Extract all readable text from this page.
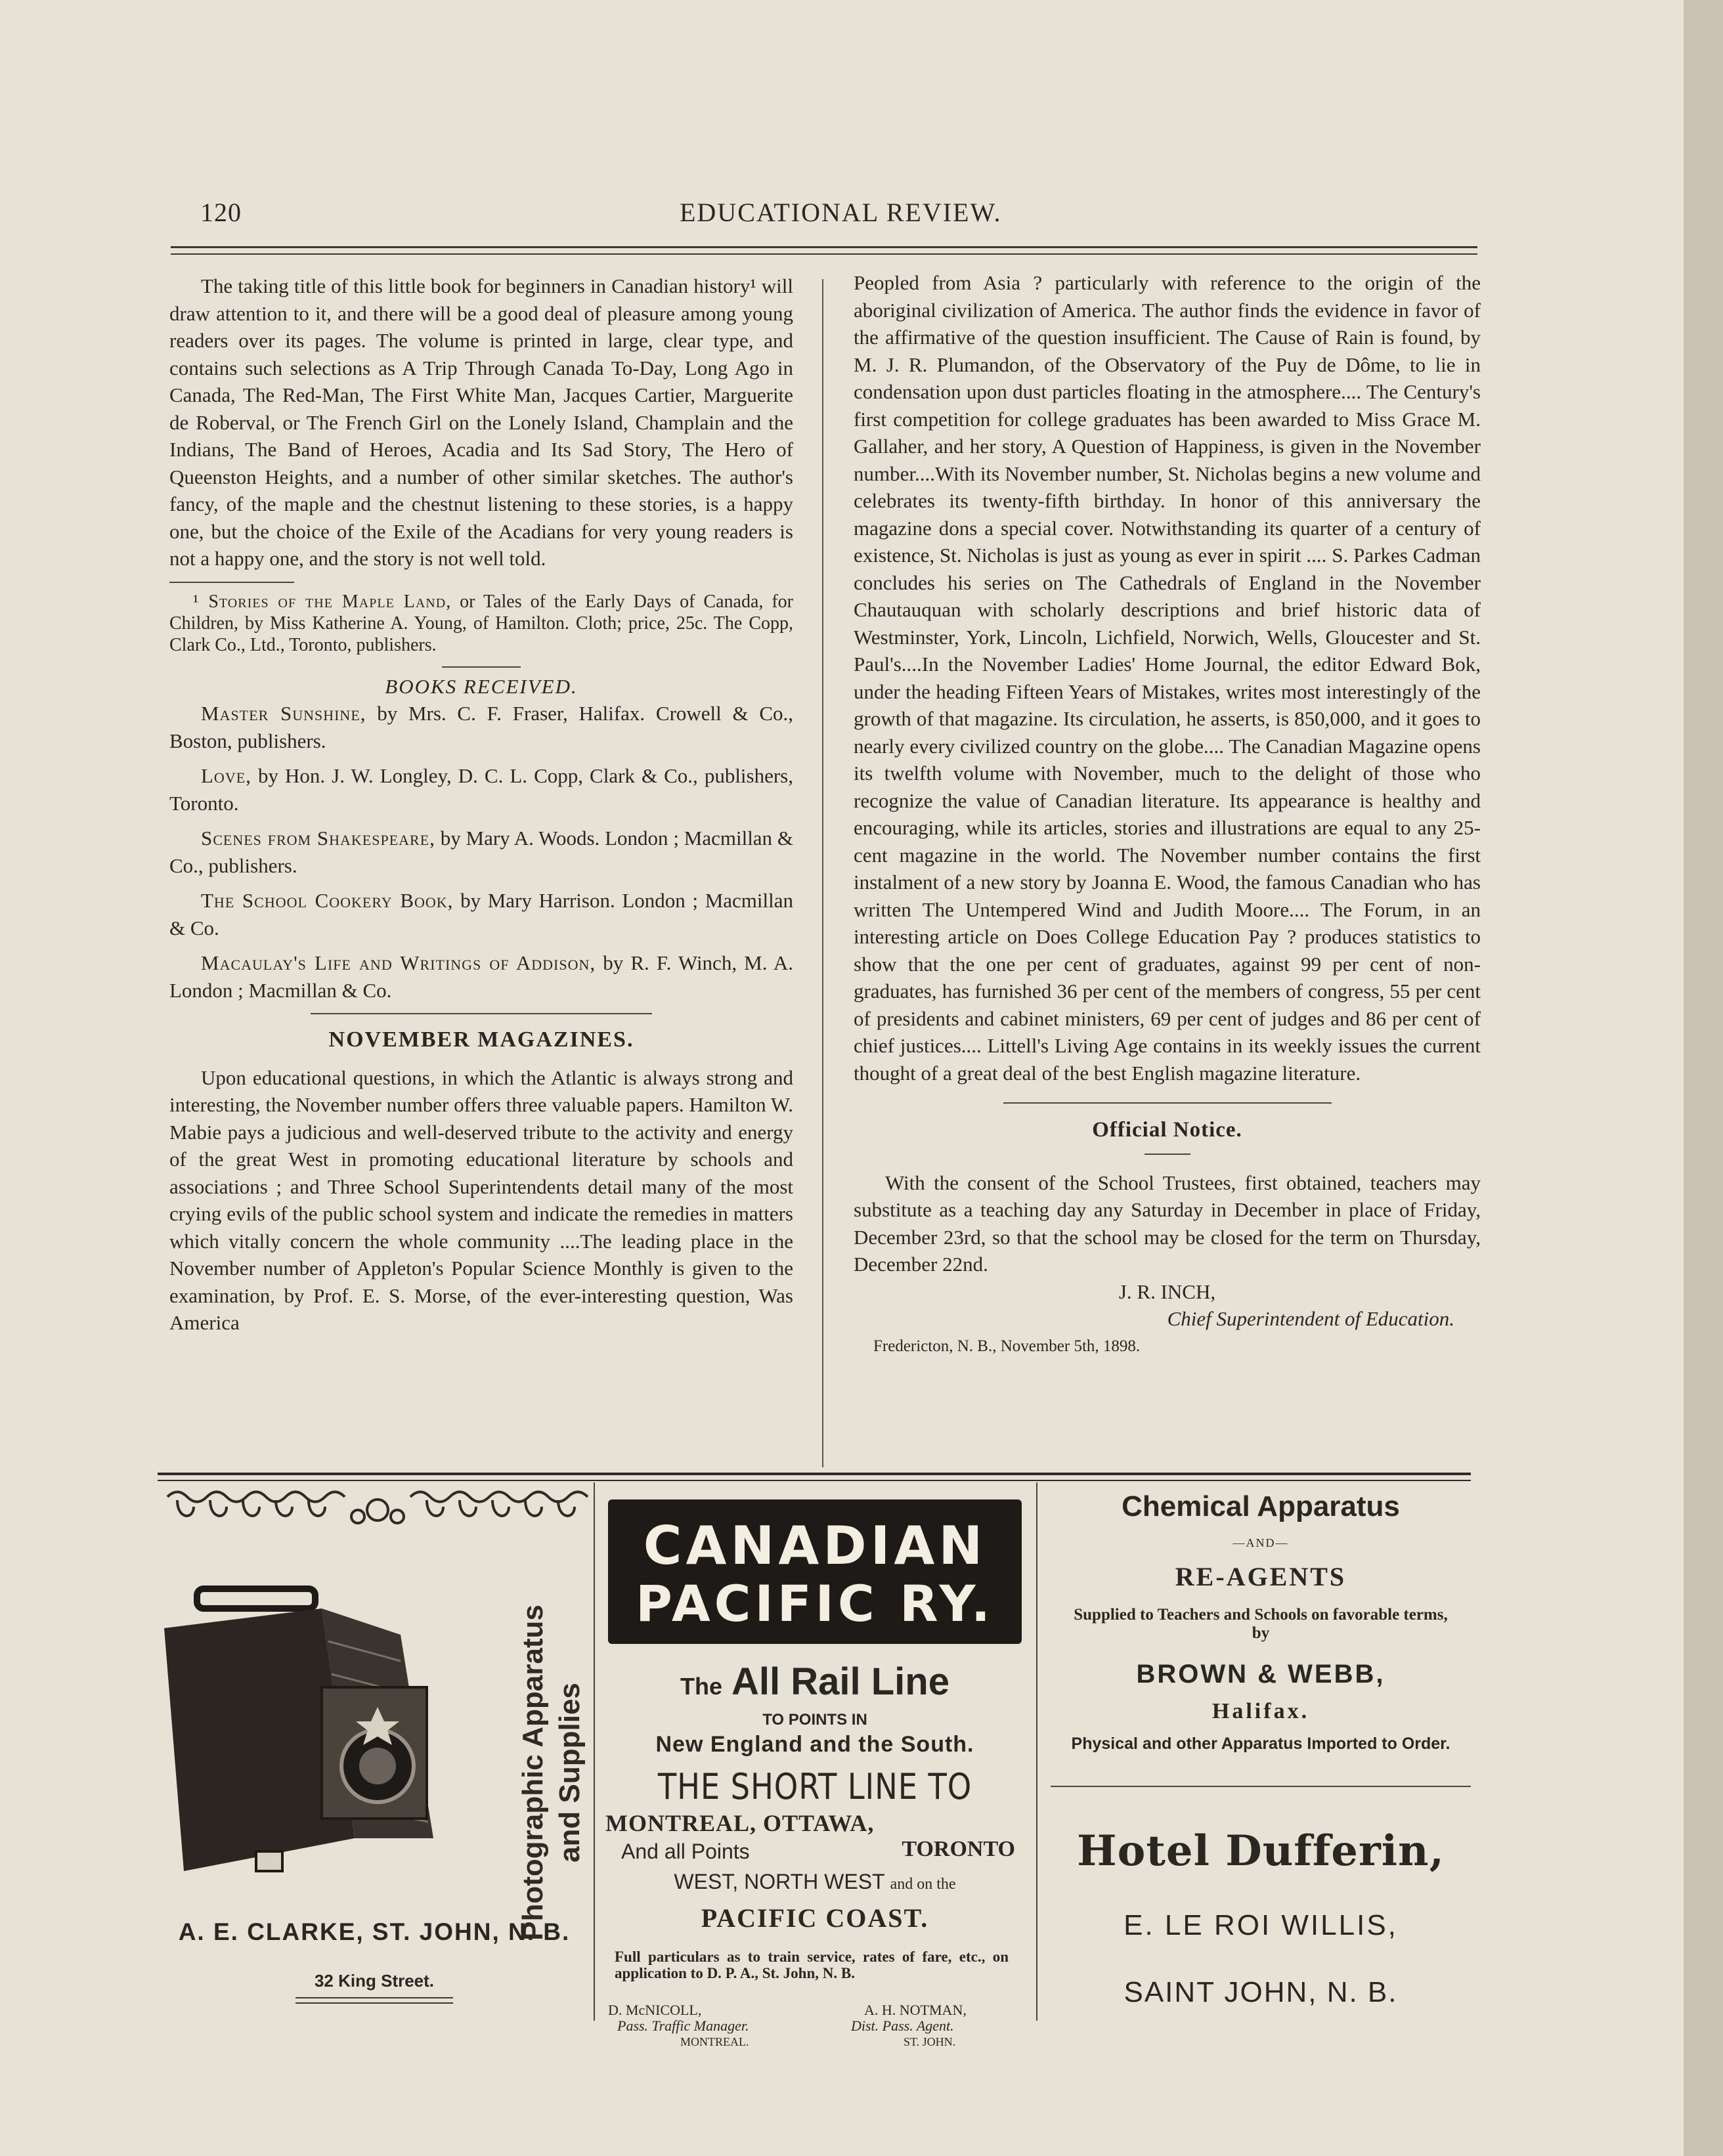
120	EDUCATIONAL REVIEW.

The taking title of this little book for beginners in Canadian history¹ will draw attention to it, and there will be a good deal of pleasure among young readers over its pages. The volume is printed in large, clear type, and contains such selections as A Trip Through Canada To-Day, Long Ago in Canada, The Red-Man, The First White Man, Jacques Cartier, Marguerite de Roberval, or The French Girl on the Lonely Island, Champlain and the Indians, The Band of Heroes, Acadia and Its Sad Story, The Hero of Queenston Heights, and a number of other similar sketches. The author's fancy, of the maple and the chestnut listening to these stories, is a happy one, but the choice of the Exile of the Acadians for very young readers is not a happy one, and the story is not well told.

¹ Stories of the Maple Land, or Tales of the Early Days of Canada, for Children, by Miss Katherine A. Young, of Hamilton. Cloth; price, 25c. The Copp, Clark Co., Ltd., Toronto, publishers.

BOOKS RECEIVED.

Master Sunshine, by Mrs. C. F. Fraser, Halifax. Crowell & Co., Boston, publishers.

Love, by Hon. J. W. Longley, D. C. L. Copp, Clark & Co., publishers, Toronto.

Scenes from Shakespeare, by Mary A. Woods. London ; Macmillan & Co., publishers.

The School Cookery Book, by Mary Harrison. London ; Macmillan & Co.

Macaulay's Life and Writings of Addison, by R. F. Winch, M. A. London ; Macmillan & Co.

NOVEMBER MAGAZINES.

Upon educational questions, in which the Atlantic is always strong and interesting, the November number offers three valuable papers. Hamilton W. Mabie pays a judicious and well-deserved tribute to the activity and energy of the great West in promoting educational literature by schools and associations ; and Three School Superintendents detail many of the most crying evils of the public school system and indicate the remedies in matters which vitally concern the whole community ....The leading place in the November number of Appleton's Popular Science Monthly is given to the examination, by Prof. E. S. Morse, of the ever-interesting question, Was America

Peopled from Asia ? particularly with reference to the origin of the aboriginal civilization of America. The author finds the evidence in favor of the affirmative of the question insufficient. The Cause of Rain is found, by M. J. R. Plumandon, of the Observatory of the Puy de Dôme, to lie in condensation upon dust particles floating in the atmosphere.... The Century's first competition for college graduates has been awarded to Miss Grace M. Gallaher, and her story, A Question of Happiness, is given in the November number....With its November number, St. Nicholas begins a new volume and celebrates its twenty-fifth birthday. In honor of this anniversary the magazine dons a special cover. Notwithstanding its quarter of a century of existence, St. Nicholas is just as young as ever in spirit .... S. Parkes Cadman concludes his series on The Cathedrals of England in the November Chautauquan with scholarly descriptions and brief historic data of Westminster, York, Lincoln, Lichfield, Norwich, Wells, Gloucester and St. Paul's....In the November Ladies' Home Journal, the editor Edward Bok, under the heading Fifteen Years of Mistakes, writes most interestingly of the growth of that magazine. Its circulation, he asserts, is 850,000, and it goes to nearly every civilized country on the globe.... The Canadian Magazine opens its twelfth volume with November, much to the delight of those who recognize the value of Canadian literature. Its appearance is healthy and encouraging, while its articles, stories and illustrations are equal to any 25-cent magazine in the world. The November number contains the first instalment of a new story by Joanna E. Wood, the famous Canadian who has written The Untempered Wind and Judith Moore.... The Forum, in an interesting article on Does College Education Pay ? produces statistics to show that the one per cent of graduates, against 99 per cent of non-graduates, has furnished 36 per cent of the members of congress, 55 per cent of presidents and cabinet ministers, 69 per cent of judges and 86 per cent of chief justices.... Littell's Living Age contains in its weekly issues the current thought of a great deal of the best English magazine literature.

Official Notice.

With the consent of the School Trustees, first obtained, teachers may substitute as a teaching day any Saturday in December in place of Friday, December 23rd, so that the school may be closed for the term on Thursday, December 22nd.

J. R. INCH,

Chief Superintendent of Education.

Fredericton, N. B., November 5th, 1898.

Photographic Apparatus and Supplies
A. E. CLARKE, ST. JOHN, N. B.
32 King Street.
CANADIAN
PACIFIC RY.
The All Rail Line
TO POINTS IN
New England and the South.
THE SHORT LINE TO
MONTREAL, OTTAWA,
And all Points	TORONTO
WEST, NORTH WEST and on the
PACIFIC COAST.
Full particulars as to train service, rates of fare, etc., on application to D. P. A., St. John, N. B.
D. McNICOLL,
Pass. Traffic Manager.
MONTREAL.
A. H. NOTMAN,
Dist. Pass. Agent.
ST. JOHN.
Chemical Apparatus
—AND—
RE-AGENTS
Supplied to Teachers and Schools on favorable terms, by
BROWN & WEBB,
Halifax.
Physical and other Apparatus Imported to Order.
Hotel Dufferin,
E. LE ROI WILLIS,
SAINT JOHN, N. B.
